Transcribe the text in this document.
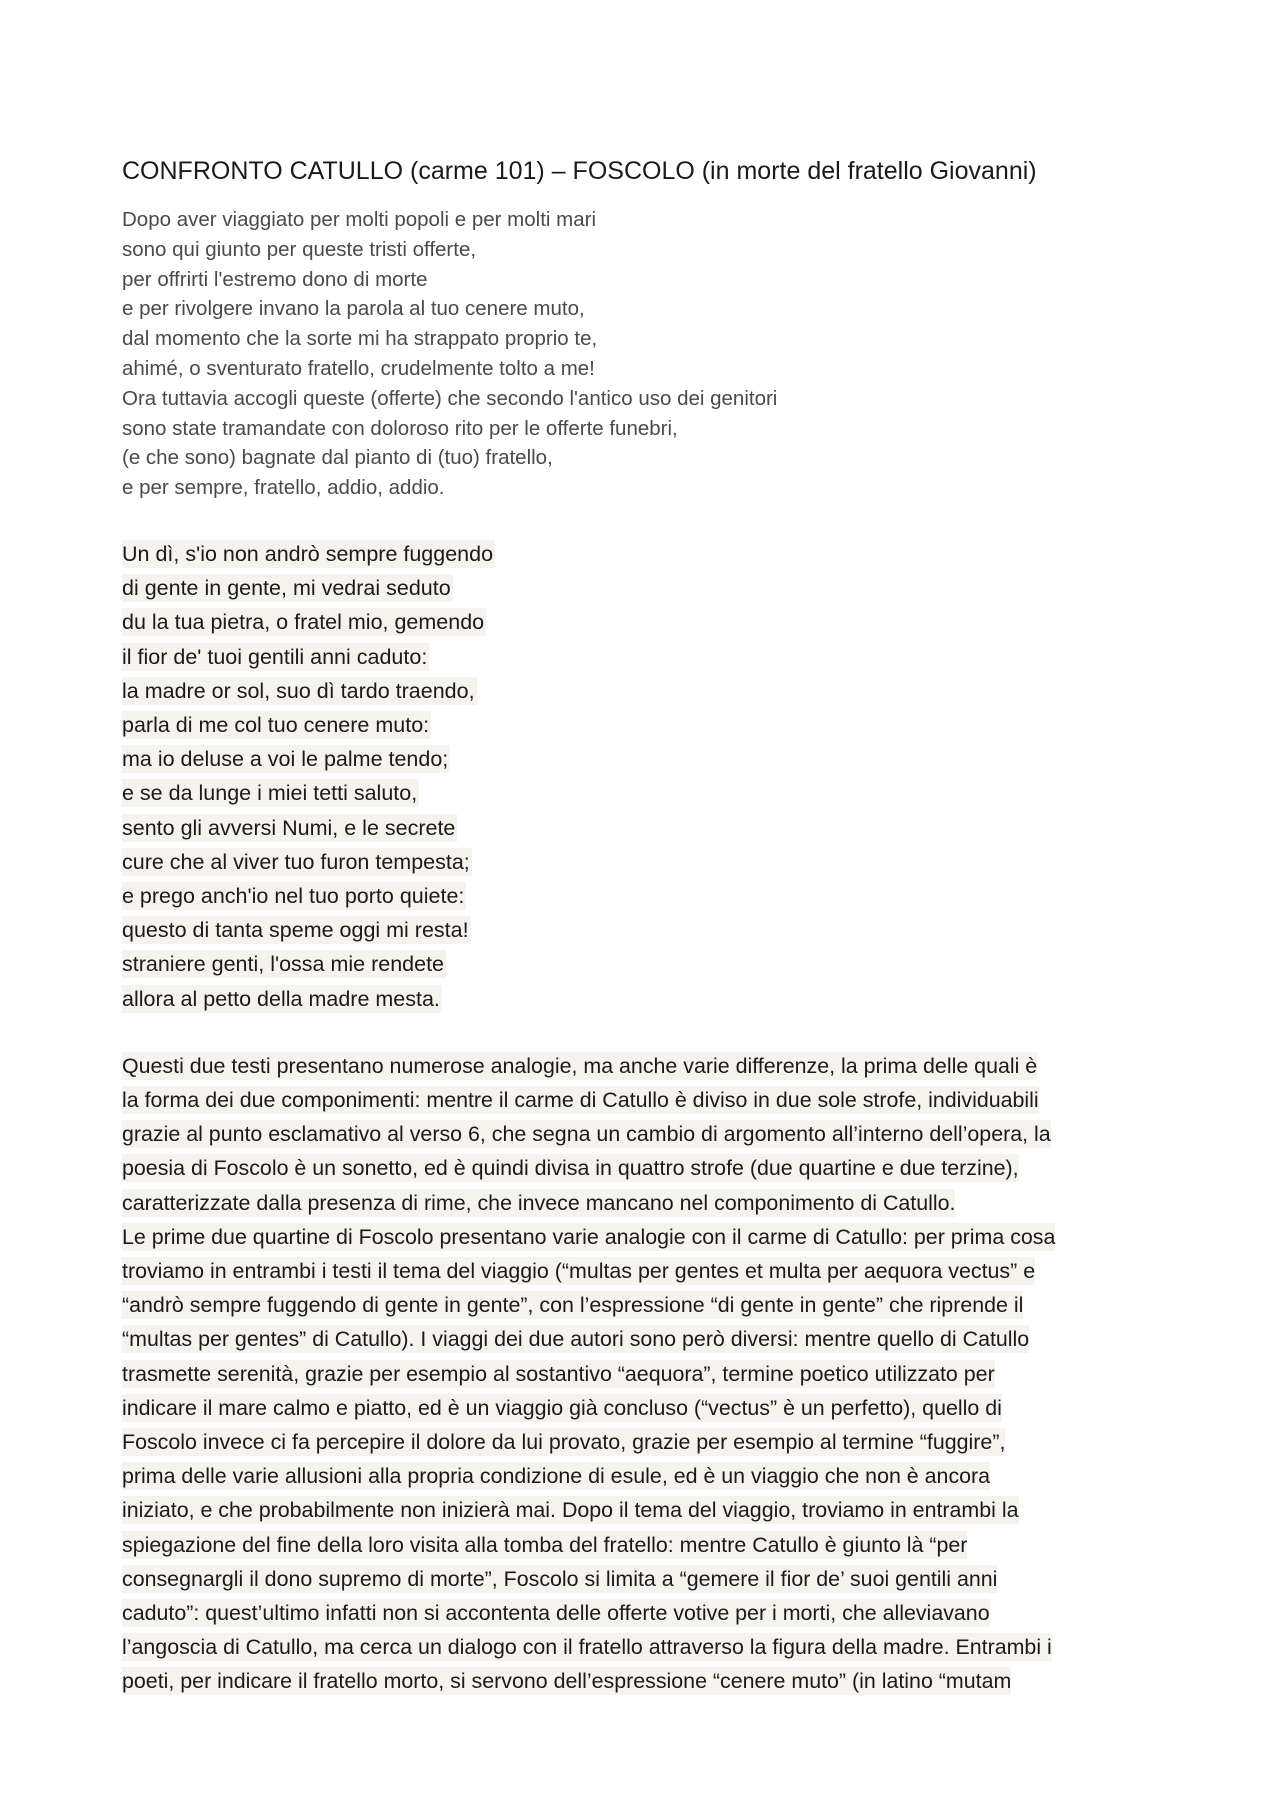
CONFRONTO CATULLO (carme 101) – FOSCOLO (in morte del fratello Giovanni)
Dopo aver viaggiato per molti popoli e per molti mari
sono qui giunto per queste tristi offerte,
per offrirti l'estremo dono di morte
e per rivolgere invano la parola al tuo cenere muto,
dal momento che la sorte mi ha strappato proprio te,
ahimé, o sventurato fratello, crudelmente tolto a me!
Ora tuttavia accogli queste (offerte) che secondo l'antico uso dei genitori
sono state tramandate con doloroso rito per le offerte funebri,
(e che sono) bagnate dal pianto di (tuo) fratello,
e per sempre, fratello, addio, addio.
Un dì, s'io non andrò sempre fuggendo
di gente in gente, mi vedrai seduto
du la tua pietra, o fratel mio, gemendo
il fior de' tuoi gentili anni caduto:
la madre or sol, suo dì tardo traendo,
parla di me col tuo cenere muto:
ma io deluse a voi le palme tendo;
e se da lunge i miei tetti saluto,
sento gli avversi Numi, e le secrete
cure che al viver tuo furon tempesta;
e prego anch'io nel tuo porto quiete:
questo di tanta speme oggi mi resta!
straniere genti, l'ossa mie rendete
allora al petto della madre mesta.
Questi due testi presentano numerose analogie, ma anche varie differenze, la prima delle quali è
la forma dei due componimenti: mentre il carme di Catullo è diviso in due sole strofe, individuabili
grazie al punto esclamativo al verso 6, che segna un cambio di argomento all’interno dell’opera, la
poesia di Foscolo è un sonetto, ed è quindi divisa in quattro strofe (due quartine e due terzine),
caratterizzate dalla presenza di rime, che invece mancano nel componimento di Catullo.
Le prime due quartine di Foscolo presentano varie analogie con il carme di Catullo: per prima cosa
troviamo in entrambi i testi il tema del viaggio (“multas per gentes et multa per aequora vectus” e
“andrò sempre fuggendo di gente in gente”, con l’espressione “di gente in gente” che riprende il
“multas per gentes” di Catullo). I viaggi dei due autori sono però diversi: mentre quello di Catullo
trasmette serenità, grazie per esempio al sostantivo “aequora”, termine poetico utilizzato per
indicare il mare calmo e piatto, ed è un viaggio già concluso (“vectus” è un perfetto), quello di
Foscolo invece ci fa percepire il dolore da lui provato, grazie per esempio al termine “fuggire”,
prima delle varie allusioni alla propria condizione di esule, ed è un viaggio che non è ancora
iniziato, e che probabilmente non inizierà mai. Dopo il tema del viaggio, troviamo in entrambi la
spiegazione del fine della loro visita alla tomba del fratello: mentre Catullo è giunto là “per
consegnargli il dono supremo di morte”, Foscolo si limita a “gemere il fior de’ suoi gentili anni
caduto”: quest’ultimo infatti non si accontenta delle offerte votive per i morti, che alleviavano
l’angoscia di Catullo, ma cerca un dialogo con il fratello attraverso la figura della madre. Entrambi i
poeti, per indicare il fratello morto, si servono dell’espressione “cenere muto” (in latino “mutam
